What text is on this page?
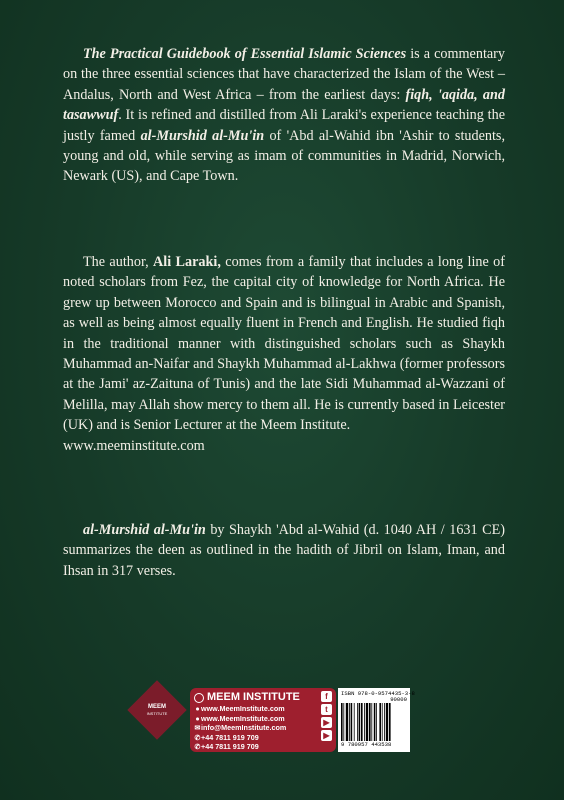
The Practical Guidebook of Essential Islamic Sciences is a commentary on the three essential sciences that have characterized the Islam of the West – Andalus, North and West Africa – from the earliest days: fiqh, 'aqida, and tasawwuf. It is refined and distilled from Ali Laraki's experience teaching the justly famed al-Murshid al-Mu'in of 'Abd al-Wahid ibn 'Ashir to students, young and old, while serving as imam of communities in Madrid, Norwich, Newark (US), and Cape Town.

The author, Ali Laraki, comes from a family that includes a long line of noted scholars from Fez, the capital city of knowledge for North Africa. He grew up between Morocco and Spain and is bilingual in Arabic and Spanish, as well as being almost equally fluent in French and English. He studied fiqh in the traditional manner with distinguished scholars such as Shaykh Muhammad an-Naifar and Shaykh Muhammad al-Lakhwa (former professors at the Jami' az-Zaituna of Tunis) and the late Sidi Muhammad al-Wazzani of Melilla, may Allah show mercy to them all. He is currently based in Leicester (UK) and is Senior Lecturer at the Meem Institute.
www.meeminstitute.com

al-Murshid al-Mu'in by Shaykh 'Abd al-Wahid (d. 1040 AH / 1631 CE) summarizes the deen as outlined in the hadith of Jibril on Islam, Iman, and Ihsan in 317 verses.

MEEM
INSTITUTE
MEEM INSTITUTE
●www.MeemInstitute.com
●www.MeemInstitute.com
✉info@MeemInstitute.com
✆+44 7811 919 709
✆+44 7811 919 709
f
t
▶
▶
ISBN 978-0-9574435-3-8
90000
9 780957 443538
